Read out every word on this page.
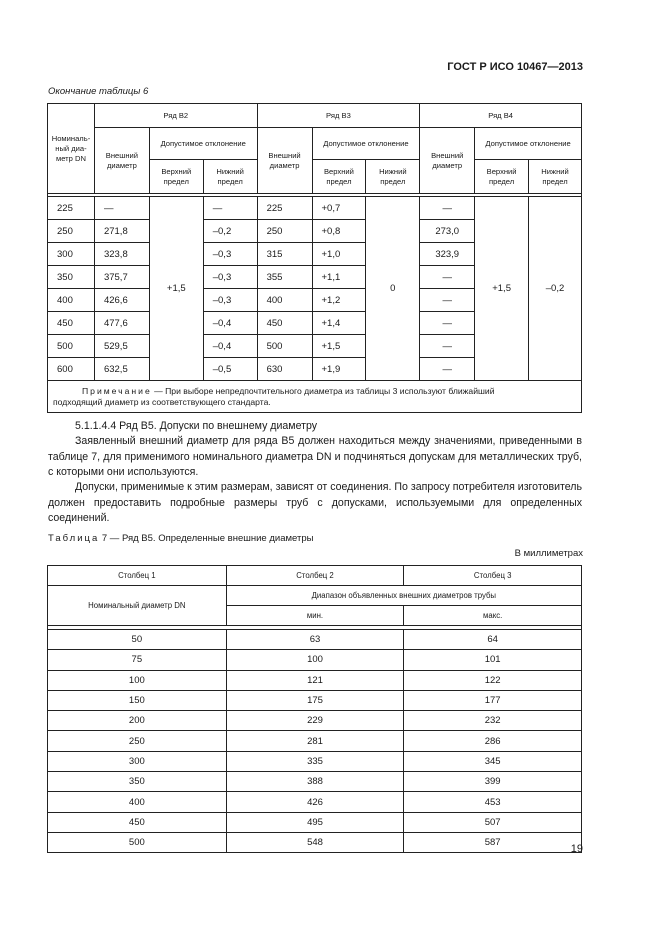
ГОСТ Р ИСО 10467—2013
Окончание таблицы 6
Номиналь-ный диа-метр DN	Ряд В2			Ряд В3			Ряд В4		
	Внешний диаметр	Допустимое отклонение		Внешний диаметр	Допустимое отклонение		Внешний диаметр	Допустимое отклонение	
		Верхний предел	Нижний предел		Верхний предел	Нижний предел		Верхний предел	Нижний предел

225	—	+1,5	—	225	+0,7	0	—	+1,5	–0,2
250	271,8		–0,2	250	+0,8		273,0		
300	323,8		–0,3	315	+1,0		323,9		
350	375,7		–0,3	355	+1,1		—		
400	426,6		–0,3	400	+1,2		—		
450	477,6		–0,4	450	+1,4		—		
500	529,5		–0,4	500	+1,5		—		
600	632,5		–0,5	630	+1,9		—		

Примечание — При выборе непредпочтительного диаметра из таблицы 3 используют ближайший
подходящий диаметр из соответствующего стандарта.									

5.1.1.4.4 Ряд В5. Допуски по внешнему диаметру

Заявленный внешний диаметр для ряда В5 должен находиться между значениями, приведенными в таблице 7, для применимого номинального диаметра DN и подчиняться допускам для металлических труб, с которыми они используются.

Допуски, применимые к этим размерам, зависят от соединения. По запросу потребителя изготовитель должен предоставить подробные размеры труб с допусками, используемыми для определенных соединений.

Таблица 7 — Ряд В5. Определенные внешние диаметры
В миллиметрах
Столбец 1	Столбец 2	Столбец 3
Номинальный диаметр DN	Диапазон объявленных внешних диаметров трубы	
	мин.	макс.

50	63	64
75	100	101
100	121	122
150	175	177
200	229	232
250	281	286
300	335	345
350	388	399
400	426	453
450	495	507
500	548	587
19
